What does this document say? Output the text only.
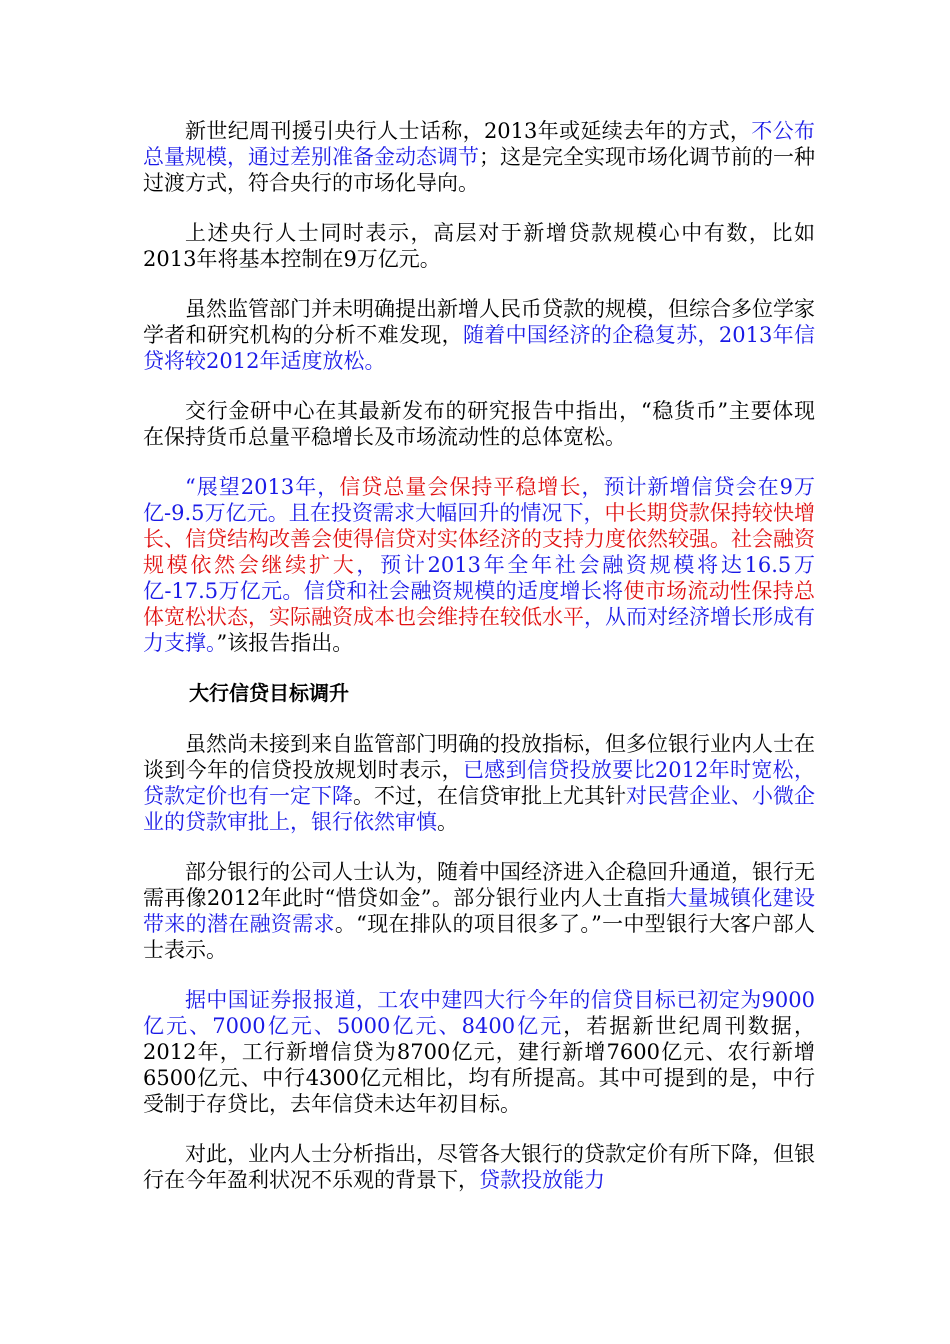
新世纪周刊援引央行人士话称，2013年或延续去年的方式，不公布总量规模，通过差别准备金动态调节；这是完全实现市场化调节前的一种过渡方式，符合央行的市场化导向。

上述央行人士同时表示，高层对于新增贷款规模心中有数，比如2013年将基本控制在9万亿元。

虽然监管部门并未明确提出新增人民币贷款的规模，但综合多位学家学者和研究机构的分析不难发现，随着中国经济的企稳复苏，2013年信贷将较2012年适度放松。

交行金研中心在其最新发布的研究报告中指出，“稳货币”主要体现在保持货币总量平稳增长及市场流动性的总体宽松。

“展望2013年，信贷总量会保持平稳增长，预计新增信贷会在9万亿-9.5万亿元。且在投资需求大幅回升的情况下，中长期贷款保持较快增长、信贷结构改善会使得信贷对实体经济的支持力度依然较强。社会融资规模依然会继续扩大，预计2013年全年社会融资规模将达16.5万亿-17.5万亿元。信贷和社会融资规模的适度增长将使市场流动性保持总体宽松状态，实际融资成本也会维持在较低水平，从而对经济增长形成有力支撑。”该报告指出。

大行信贷目标调升

虽然尚未接到来自监管部门明确的投放指标，但多位银行业内人士在谈到今年的信贷投放规划时表示，已感到信贷投放要比2012年时宽松，贷款定价也有一定下降。不过，在信贷审批上尤其针对民营企业、小微企业的贷款审批上，银行依然审慎。

部分银行的公司人士认为，随着中国经济进入企稳回升通道，银行无需再像2012年此时“惜贷如金”。部分银行业内人士直指大量城镇化建设带来的潜在融资需求。“现在排队的项目很多了。”一中型银行大客户部人士表示。

据中国证券报报道，工农中建四大行今年的信贷目标已初定为9000亿元、7000亿元、5000亿元、8400亿元，若据新世纪周刊数据，2012年，工行新增信贷为8700亿元，建行新增7600亿元、农行新增6500亿元、中行4300亿元相比，均有所提高。其中可提到的是，中行受制于存贷比，去年信贷未达年初目标。

对此，业内人士分析指出，尽管各大银行的贷款定价有所下降，但银行在今年盈利状况不乐观的背景下，贷款投放能力
